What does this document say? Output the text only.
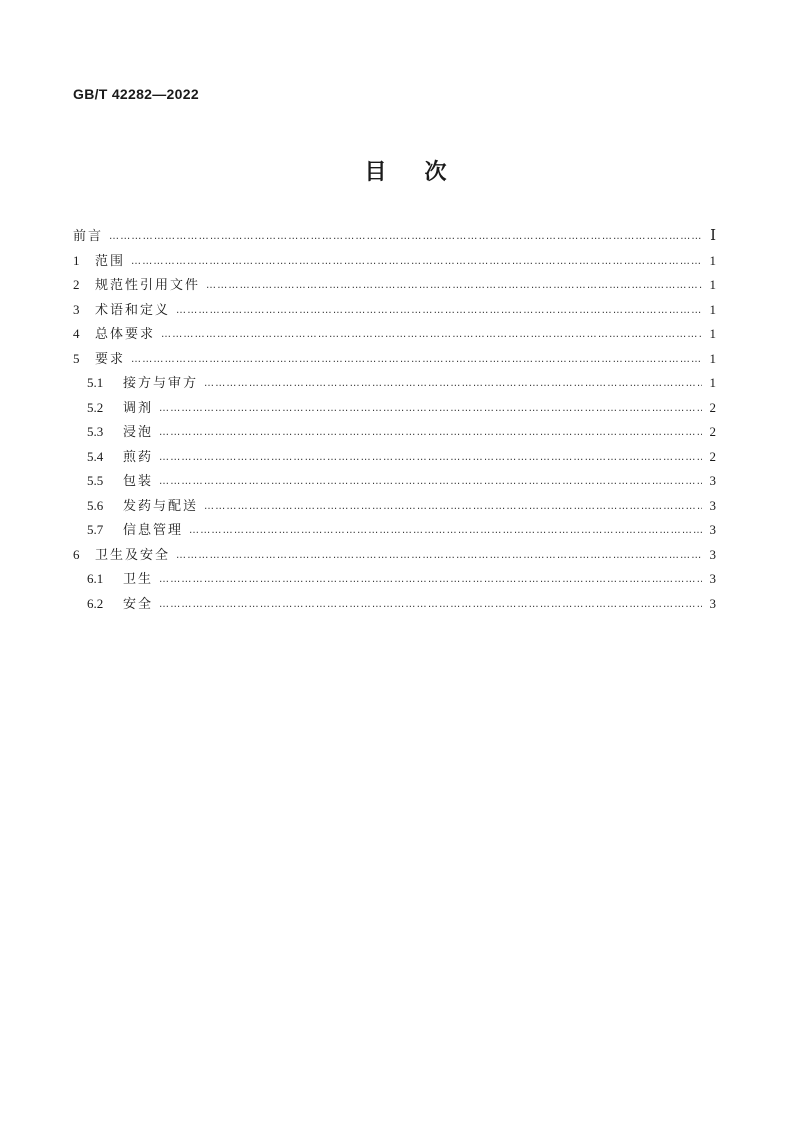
GB/T 42282—2022
目次
前言 ……………………………………………………………………………………………………………………………………………………………………………………………………………………………………………………	Ⅰ
1	范围 ……………………………………………………………………………………………………………………………………………………………………………………………………………………………………………………	1
2	规范性引用文件 ……………………………………………………………………………………………………………………………………………………………………………………………………………………………………………………	1
3	术语和定义 ……………………………………………………………………………………………………………………………………………………………………………………………………………………………………………………	1
4	总体要求 ……………………………………………………………………………………………………………………………………………………………………………………………………………………………………………………	1
5	要求 ……………………………………………………………………………………………………………………………………………………………………………………………………………………………………………………	1
5.1	接方与审方 ……………………………………………………………………………………………………………………………………………………………………………………………………………………………………………………	1
5.2	调剂 ……………………………………………………………………………………………………………………………………………………………………………………………………………………………………………………	2
5.3	浸泡 ……………………………………………………………………………………………………………………………………………………………………………………………………………………………………………………	2
5.4	煎药 ……………………………………………………………………………………………………………………………………………………………………………………………………………………………………………………	2
5.5	包装 ……………………………………………………………………………………………………………………………………………………………………………………………………………………………………………………	3
5.6	发药与配送 ……………………………………………………………………………………………………………………………………………………………………………………………………………………………………………………	3
5.7	信息管理 ……………………………………………………………………………………………………………………………………………………………………………………………………………………………………………………	3
6	卫生及安全 ……………………………………………………………………………………………………………………………………………………………………………………………………………………………………………………	3
6.1	卫生 ……………………………………………………………………………………………………………………………………………………………………………………………………………………………………………………	3
6.2	安全 ……………………………………………………………………………………………………………………………………………………………………………………………………………………………………………………	3
